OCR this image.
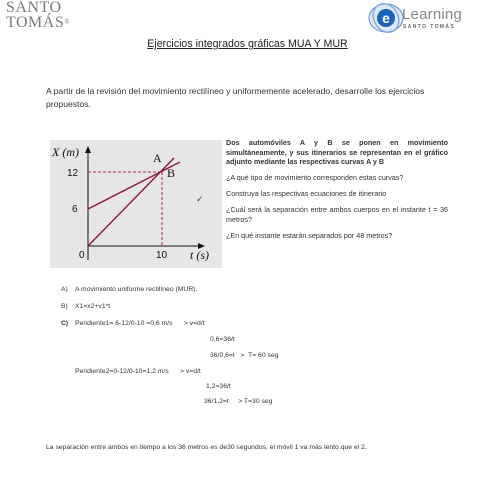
SANTO
TOMÁS®	e Learning
SANTO TOMÁS
Ejercicios integrados gráficas MUA Y MUR
A partir de la revisión del movimiento rectilíneo y uniformemente acelerado, desarrolle los ejercicios propuestos.
X (m)
t (s)
12
6
0	10
A
B
✓

Dos automóviles A y B se ponen en movimiento simultáneamente, y sus itinerarios se representan en el gráfico adjunto mediante las respectivas curvas A y B

¿A qué tipo de movimiento corresponden estas curvas?

Construya las respectivas ecuaciones de itinerario

¿Cuál será la separación entre ambos cuerpos en el instante t = 36 metros?

¿En qué instante estarán separados por 48 metros?

A) A movimiento uniforme rectilíneo (MUR).
B) X1=x2+v1*t
C) Pendiente1= 6-12/0-10 =0,6 m/s      > v=d/t
0,6=36/t
36/0,6=t   >  T= 60 seg
Pendiente2=0-12/0-10=1,2 m/s      > v=d/t
1,2=36/t
36/1,2=t     > T=30 seg
La separación entre ambos en tiempo a los 36 metros es de30 segundos, el móvil 1 va más lento que el 2.
